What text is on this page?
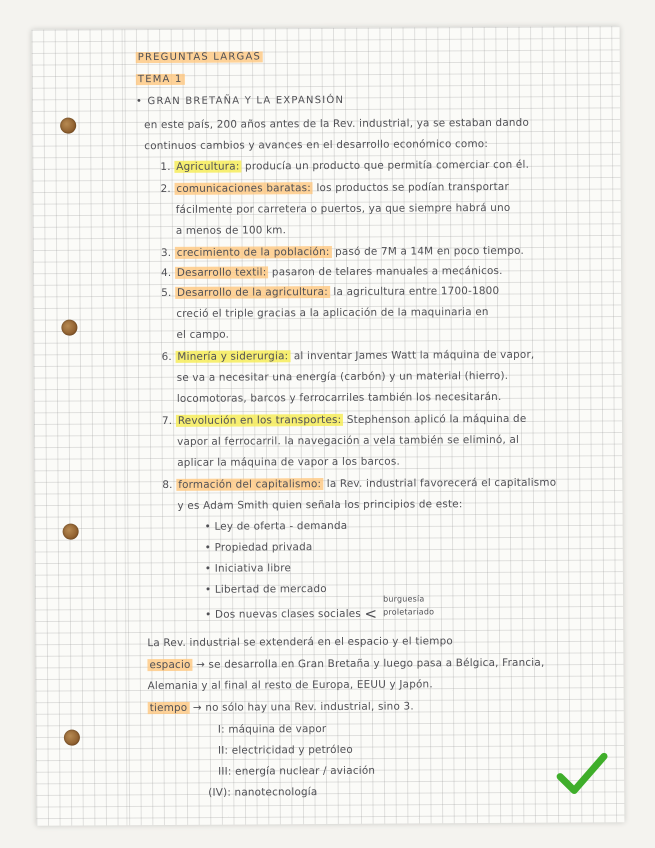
PREGUNTAS LARGAS
TEMA 1
• GRAN BRETAÑA Y LA EXPANSIÓN
en este país, 200 años antes de la Rev. industrial, ya se estaban dando
continuos cambios y avances en el desarrollo económico como:
1. Agricultura: producía un producto que permitía comerciar con él.
2. comunicaciones baratas: los productos se podían transportar
fácilmente por carretera o puertos, ya que siempre habrá uno
a menos de 100 km.
3. crecimiento de la población: pasó de 7M a 14M en poco tiempo.
4. Desarrollo textil: pasaron de telares manuales a mecánicos.
5. Desarrollo de la agricultura: la agricultura entre 1700-1800
creció el triple gracias a la aplicación de la maquinaria en
el campo.
6. Minería y siderurgia: al inventar James Watt la máquina de vapor,
se va a necesitar una energía (carbón) y un material (hierro).
locomotoras, barcos y ferrocarriles también los necesitarán.
7. Revolución en los transportes: Stephenson aplicó la máquina de
vapor al ferrocarril. la navegación a vela también se eliminó, al
aplicar la máquina de vapor a los barcos.
8. formación del capitalismo: la Rev. industrial favorecerá el capitalismo
y es Adam Smith quien señala los principios de este:
• Ley de oferta - demanda
• Propiedad privada
• Iniciativa libre
• Libertad de mercado
• Dos nuevas clases sociales <
burguesía
proletariado
La Rev. industrial se extenderá en el espacio y el tiempo
espacio → se desarrolla en Gran Bretaña y luego pasa a Bélgica, Francia,
Alemania y al final al resto de Europa, EEUU y Japón.
tiempo → no sólo hay una Rev. industrial, sino 3.
I: máquina de vapor
II: electricidad y petróleo
III: energía nuclear / aviación
(IV): nanotecnología
